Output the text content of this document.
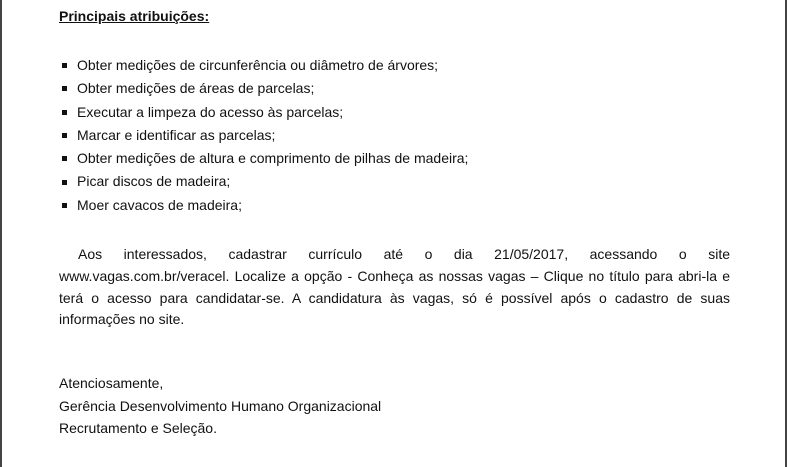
Principais atribuições:
Obter medições de circunferência ou diâmetro de árvores;
Obter medições de áreas de parcelas;
Executar a limpeza do acesso às parcelas;
Marcar e identificar as parcelas;
Obter medições de altura e comprimento de pilhas de madeira;
Picar discos de madeira;
Moer cavacos de madeira;
Aos interessados, cadastrar currículo até o dia 21/05/2017, acessando o site
www.vagas.com.br/veracel. Localize a opção - Conheça as nossas vagas – Clique no título para abri-la e
terá o acesso para candidatar-se. A candidatura às vagas, só é possível após o cadastro de suas
informações no site.
Atenciosamente,
Gerência Desenvolvimento Humano Organizacional
Recrutamento e Seleção.
